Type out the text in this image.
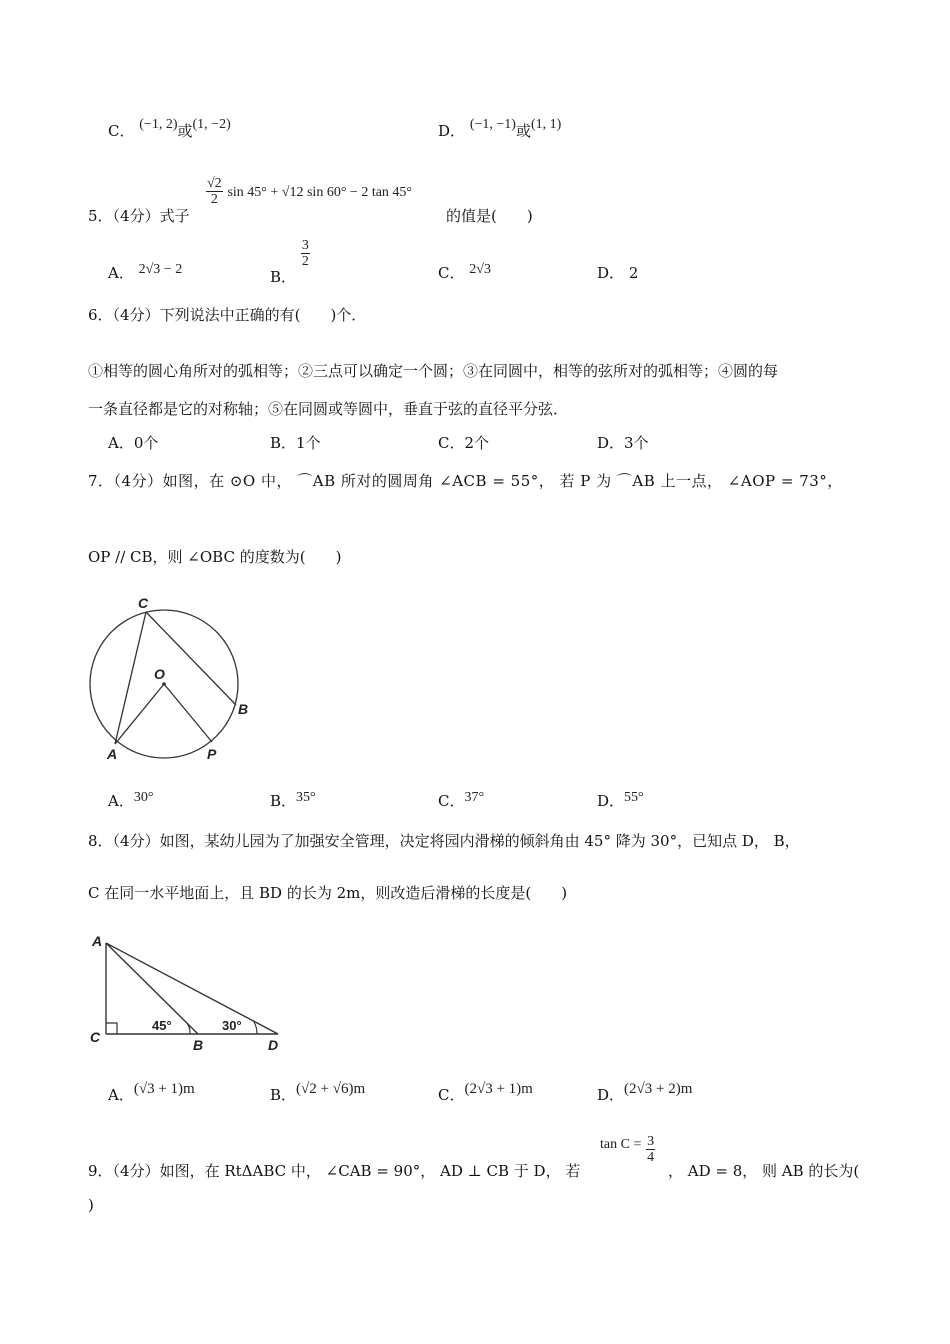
C． (−1, 2)或(1, −2)	D． (−1, −1)或(1, 1)
5．（4分）式子
$\frac{√2}{2}$ sin 45° + √12 sin 60° − 2 tan 45°
的值是(　　)
A． 2√3 − 2	B．
$\frac{3}{2}$
C． 2√3	D． 2
6．（4分）下列说法中正确的有(　　)个．
①相等的圆心角所对的弧相等；②三点可以确定一个圆；③在同圆中，相等的弦所对的弧相等；④圆的每
一条直径都是它的对称轴；⑤在同圆或等圆中，垂直于弦的直径平分弦．
A．0个	B．1个	C．2个	D．3个
7．（4分）如图，在 ⊙O 中， ⌒AB 所对的圆周角 ∠ACB = 55°， 若 P 为 ⌒AB 上一点， ∠AOP = 73°，
OP // CB，则 ∠OBC 的度数为(　　)
C
O
B
A	P
A．30°	B．35°	C．37°	D．55°
8．（4分）如图，某幼儿园为了加强安全管理，决定将园内滑梯的倾斜角由 45° 降为 30°，已知点 D， B，
C 在同一水平地面上，且 BD 的长为 2m，则改造后滑梯的长度是(　　)
A
C	B	D
45°	30°
A．(√3 + 1)m	B．(√2 + √6)m	C．(2√3 + 1)m	D．(2√3 + 2)m
9．（4分）如图，在 RtΔABC 中， ∠CAB = 90°， AD ⊥ CB 于 D， 若
$\tan C = \frac{3}{4}$
， AD = 8， 则 AB 的长为(
)
